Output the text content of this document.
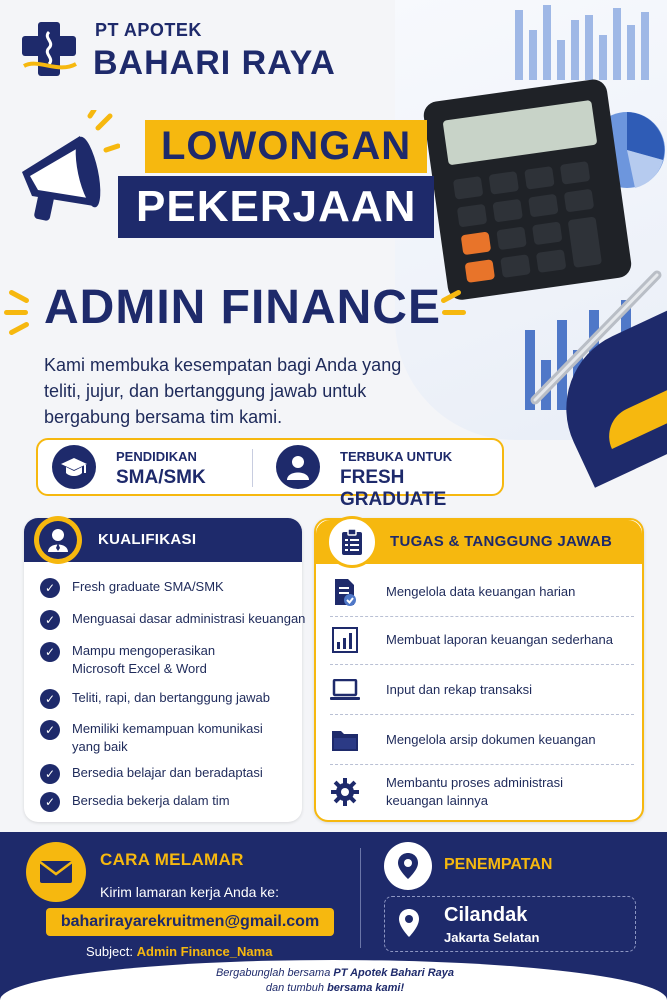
PT APOTEK
BAHARI RAYA
LOWONGAN
PEKERJAAN
ADMIN FINANCE
Kami membuka kesempatan bagi Anda yang teliti, jujur, dan bertanggung jawab untuk bergabung bersama tim kami.
PENDIDIKAN
SMA/SMK
TERBUKA UNTUK
FRESH GRADUATE
KUALIFIKASI
✓	Fresh graduate SMA/SMK
✓	Menguasai dasar administrasi keuangan
✓	Mampu mengoperasikan Microsoft Excel & Word
✓	Teliti, rapi, dan bertanggung jawab
✓	Memiliki kemampuan komunikasi yang baik
✓	Bersedia belajar dan beradaptasi
✓	Bersedia bekerja dalam tim
TUGAS & TANGGUNG JAWAB
Mengelola data keuangan harian
Membuat laporan keuangan sederhana
Input dan rekap transaksi
Mengelola arsip dokumen keuangan
Membantu proses administrasi keuangan lainnya
CARA MELAMAR
Kirim lamaran kerja Anda ke:
baharirayarekruitmen@gmail.com
Subject: Admin Finance_Nama
PENEMPATAN
Cilandak
Jakarta Selatan
Bergabunglah bersama PT Apotek Bahari Raya
dan tumbuh bersama kami!
